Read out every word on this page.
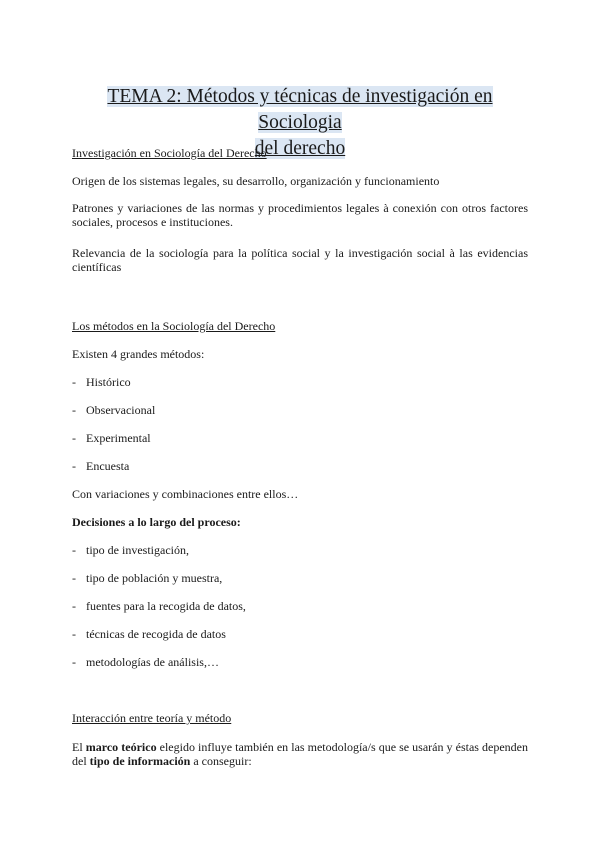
TEMA 2: Métodos y técnicas de investigación en Sociologia
del derecho
Investigación en Sociología del Derecho
Origen de los sistemas legales, su desarrollo, organización y funcionamiento
Patrones y variaciones de las normas y procedimientos legales à conexión con otros factores sociales, procesos e instituciones.
Relevancia de la sociología para la política social y la investigación social à las evidencias científicas
Los métodos en la Sociología del Derecho
Existen 4 grandes métodos:
- Histórico
- Observacional
- Experimental
- Encuesta
Con variaciones y combinaciones entre ellos…
Decisiones a lo largo del proceso:
- tipo de investigación,
- tipo de población y muestra,
- fuentes para la recogida de datos,
- técnicas de recogida de datos
- metodologías de análisis,…
Interacción entre teoría y método
El marco teórico elegido influye también en las metodología/s que se usarán y éstas dependen del tipo de información a conseguir:
